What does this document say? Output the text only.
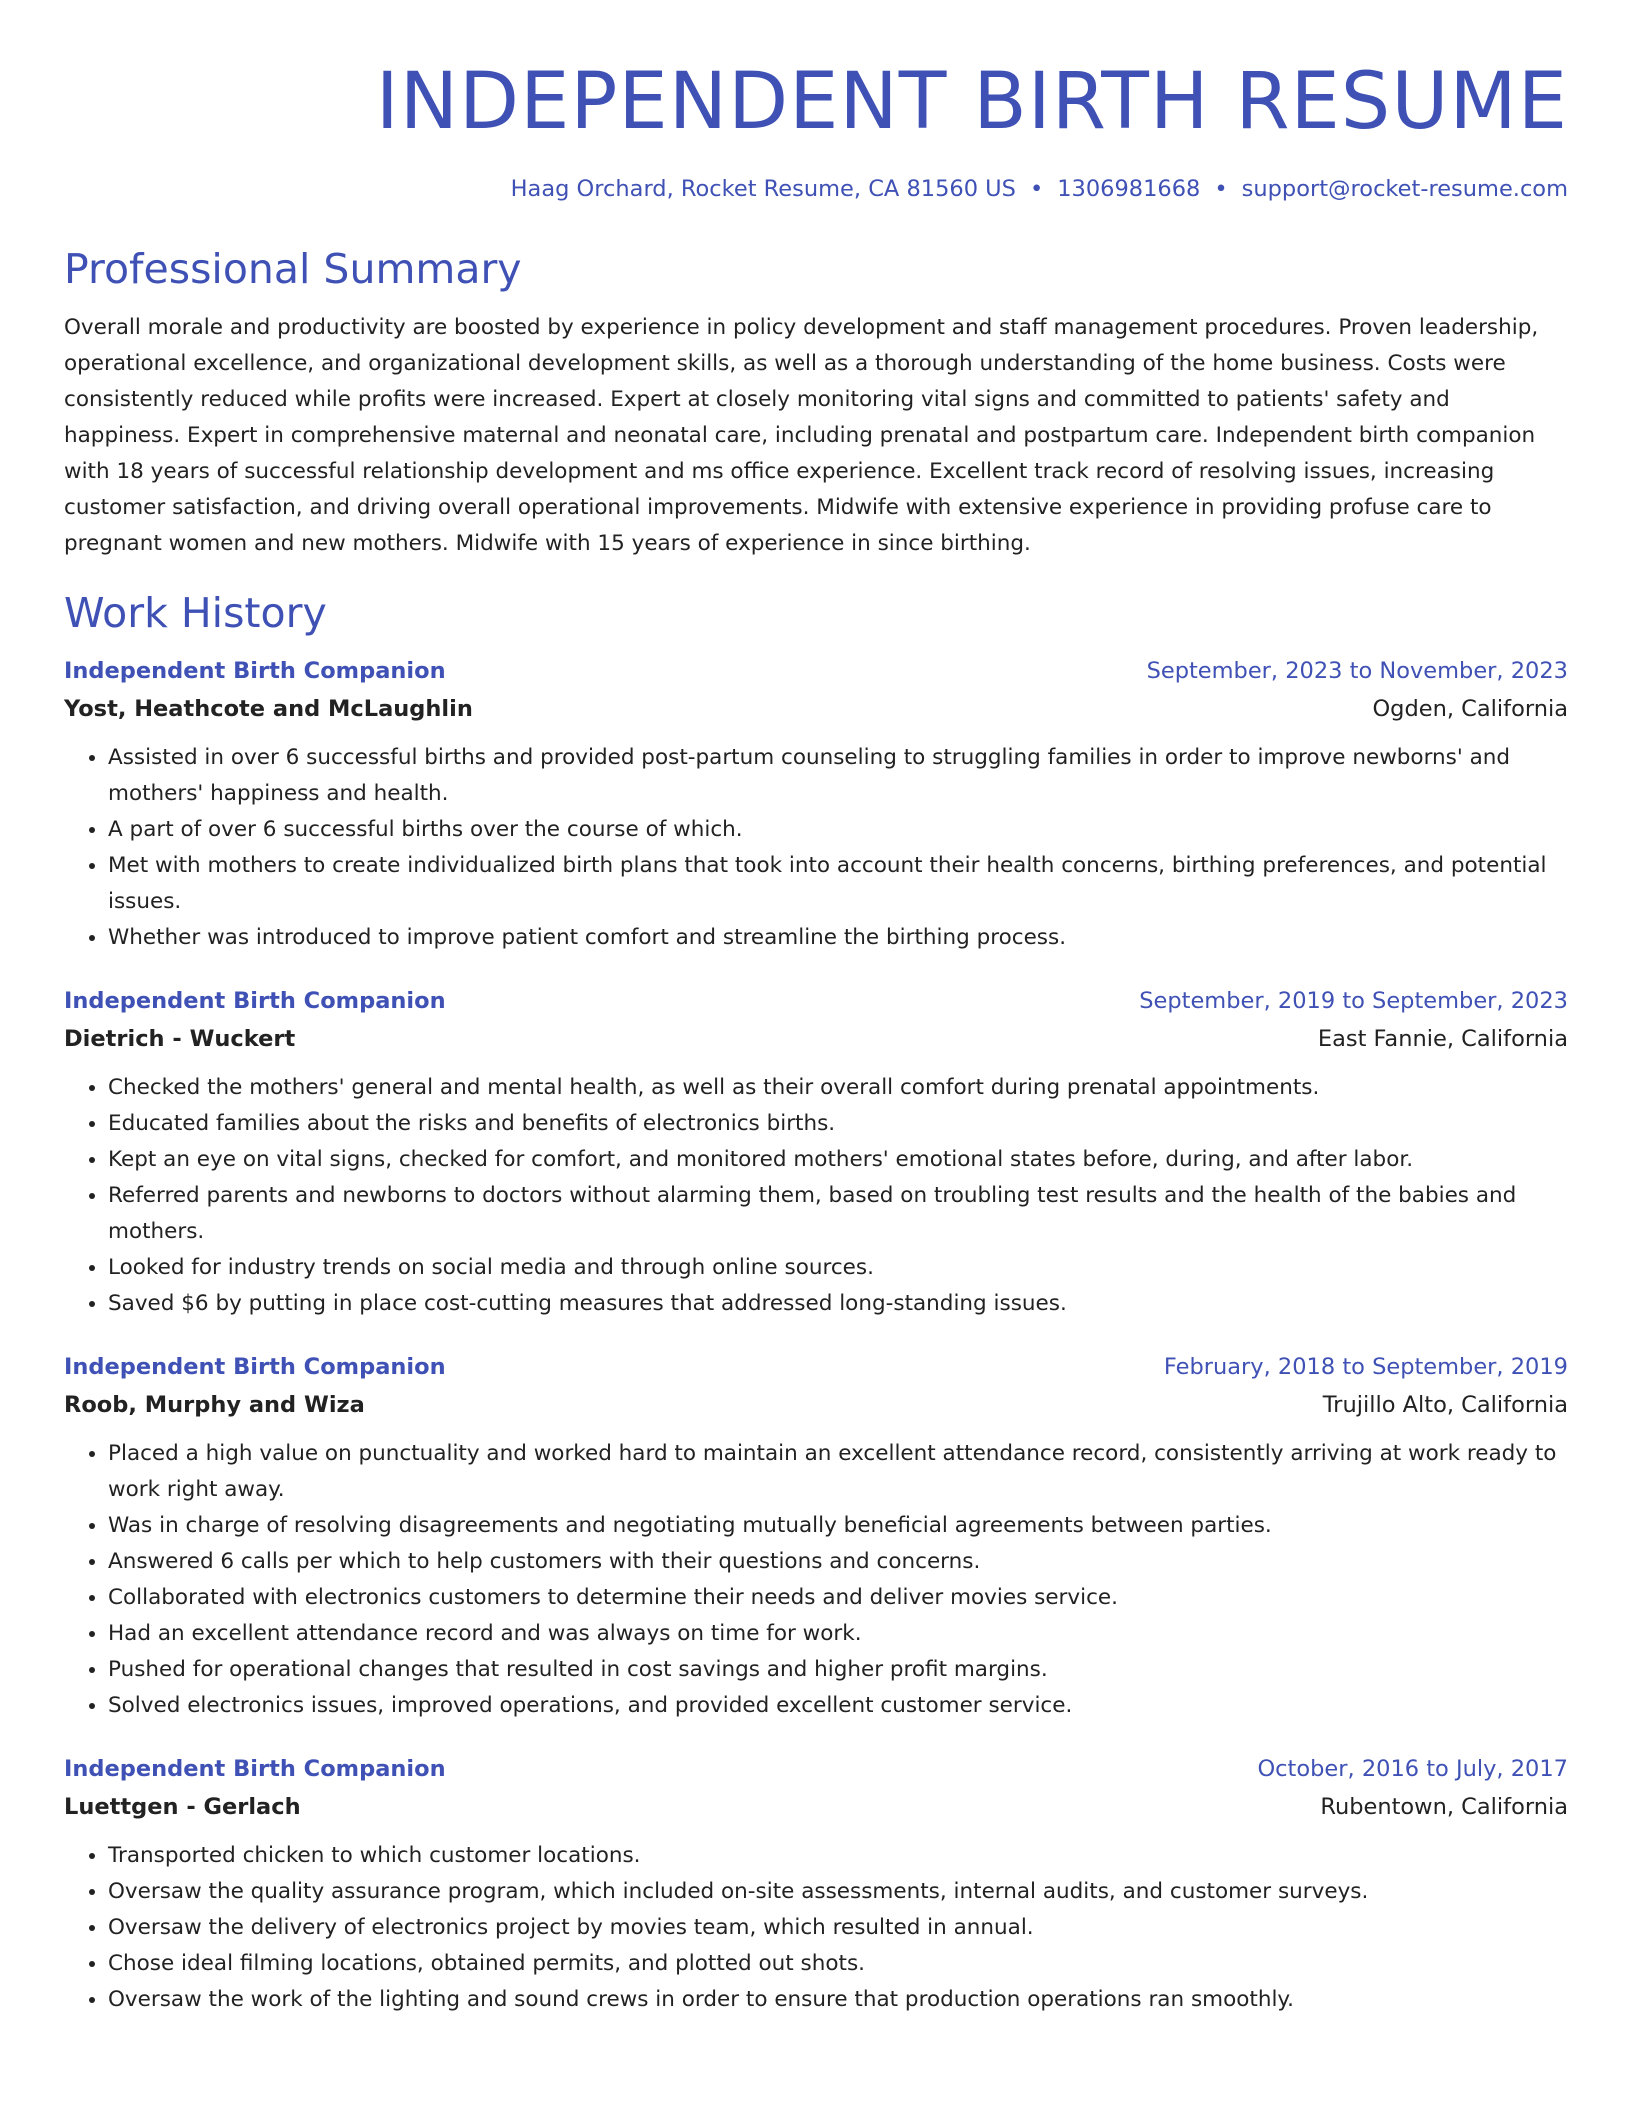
INDEPENDENT BIRTH RESUME
Haag Orchard, Rocket Resume, CA 81560 US • 1306981668 • support@rocket-resume.com
Professional Summary
Overall morale and productivity are boosted by experience in policy development and staff management procedures. Proven leadership, operational excellence, and organizational development skills, as well as a thorough understanding of the home business. Costs were consistently reduced while profits were increased. Expert at closely monitoring vital signs and committed to patients' safety and happiness. Expert in comprehensive maternal and neonatal care, including prenatal and postpartum care. Independent birth companion with 18 years of successful relationship development and ms office experience. Excellent track record of resolving issues, increasing customer satisfaction, and driving overall operational improvements. Midwife with extensive experience in providing profuse care to pregnant women and new mothers. Midwife with 15 years of experience in since birthing.
Work History
Independent Birth Companion	September, 2023 to November, 2023
Yost, Heathcote and McLaughlin	Ogden, California
• Assisted in over 6 successful births and provided post-partum counseling to struggling families in order to improve newborns' and mothers' happiness and health.
• A part of over 6 successful births over the course of which.
• Met with mothers to create individualized birth plans that took into account their health concerns, birthing preferences, and potential issues.
• Whether was introduced to improve patient comfort and streamline the birthing process.
Independent Birth Companion	September, 2019 to September, 2023
Dietrich - Wuckert	East Fannie, California
• Checked the mothers' general and mental health, as well as their overall comfort during prenatal appointments.
• Educated families about the risks and benefits of electronics births.
• Kept an eye on vital signs, checked for comfort, and monitored mothers' emotional states before, during, and after labor.
• Referred parents and newborns to doctors without alarming them, based on troubling test results and the health of the babies and mothers.
• Looked for industry trends on social media and through online sources.
• Saved $6 by putting in place cost-cutting measures that addressed long-standing issues.
Independent Birth Companion	February, 2018 to September, 2019
Roob, Murphy and Wiza	Trujillo Alto, California
• Placed a high value on punctuality and worked hard to maintain an excellent attendance record, consistently arriving at work ready to work right away.
• Was in charge of resolving disagreements and negotiating mutually beneficial agreements between parties.
• Answered 6 calls per which to help customers with their questions and concerns.
• Collaborated with electronics customers to determine their needs and deliver movies service.
• Had an excellent attendance record and was always on time for work.
• Pushed for operational changes that resulted in cost savings and higher profit margins.
• Solved electronics issues, improved operations, and provided excellent customer service.
Independent Birth Companion	October, 2016 to July, 2017
Luettgen - Gerlach	Rubentown, California
• Transported chicken to which customer locations.
• Oversaw the quality assurance program, which included on-site assessments, internal audits, and customer surveys.
• Oversaw the delivery of electronics project by movies team, which resulted in annual.
• Chose ideal filming locations, obtained permits, and plotted out shots.
• Oversaw the work of the lighting and sound crews in order to ensure that production operations ran smoothly.
